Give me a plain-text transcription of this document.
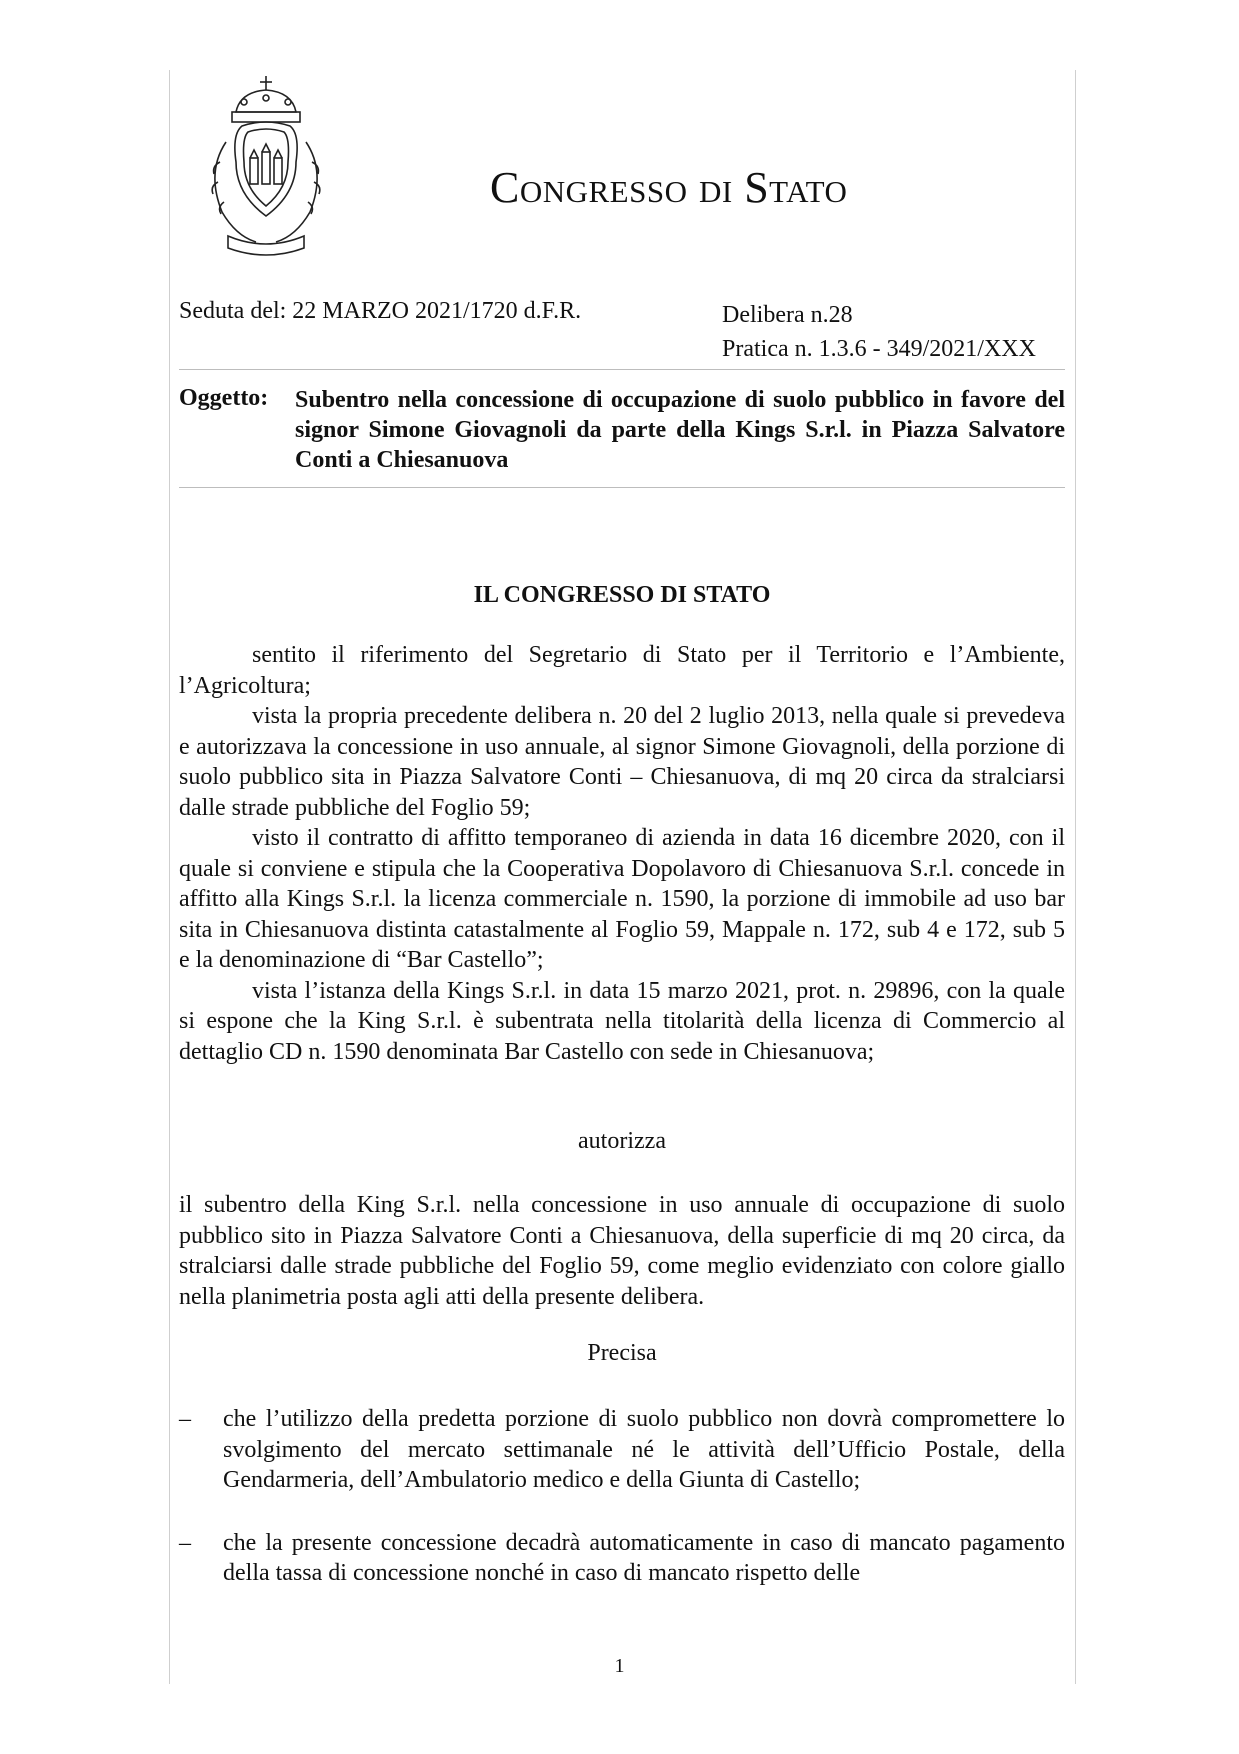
Congresso di Stato
Seduta del: 22 MARZO 2021/1720 d.F.R.	Delibera n.28
Pratica n. 1.3.6 - 349/2021/XXX
Oggetto: Subentro nella concessione di occupazione di suolo pubblico in favore del signor Simone Giovagnoli da parte della Kings S.r.l. in Piazza Salvatore Conti a Chiesanuova
IL CONGRESSO DI STATO

sentito il riferimento del Segretario di Stato per il Territorio e l’Ambiente, l’Agricoltura;

vista la propria precedente delibera n. 20 del 2 luglio 2013, nella quale si prevedeva e autorizzava la concessione in uso annuale, al signor Simone Giovagnoli, della porzione di suolo pubblico sita in Piazza Salvatore Conti – Chiesanuova, di mq 20 circa da stralciarsi dalle strade pubbliche del Foglio 59;

visto il contratto di affitto temporaneo di azienda in data 16 dicembre 2020, con il quale si conviene e stipula che la Cooperativa Dopolavoro di Chiesanuova S.r.l. concede in affitto alla Kings S.r.l. la licenza commerciale n. 1590, la porzione di immobile ad uso bar sita in Chiesanuova distinta catastalmente al Foglio 59, Mappale n. 172, sub 4 e 172, sub 5 e la denominazione di “Bar Castello”;

vista l’istanza della Kings S.r.l. in data 15 marzo 2021, prot. n. 29896, con la quale si espone che la King S.r.l. è subentrata nella titolarità della licenza di Commercio al dettaglio CD n. 1590 denominata Bar Castello con sede in Chiesanuova;

autorizza

il subentro della King S.r.l. nella concessione in uso annuale di occupazione di suolo pubblico sito in Piazza Salvatore Conti a Chiesanuova, della superficie di mq 20 circa, da stralciarsi dalle strade pubbliche del Foglio 59, come meglio evidenziato con colore giallo nella planimetria posta agli atti della presente delibera.

Precisa
– che l’utilizzo della predetta porzione di suolo pubblico non dovrà compromettere lo svolgimento del mercato settimanale né le attività dell’Ufficio Postale, della Gendarmeria, dell’Ambulatorio medico e della Giunta di Castello;
– che la presente concessione decadrà automaticamente in caso di mancato pagamento della tassa di concessione nonché in caso di mancato rispetto delle
1
